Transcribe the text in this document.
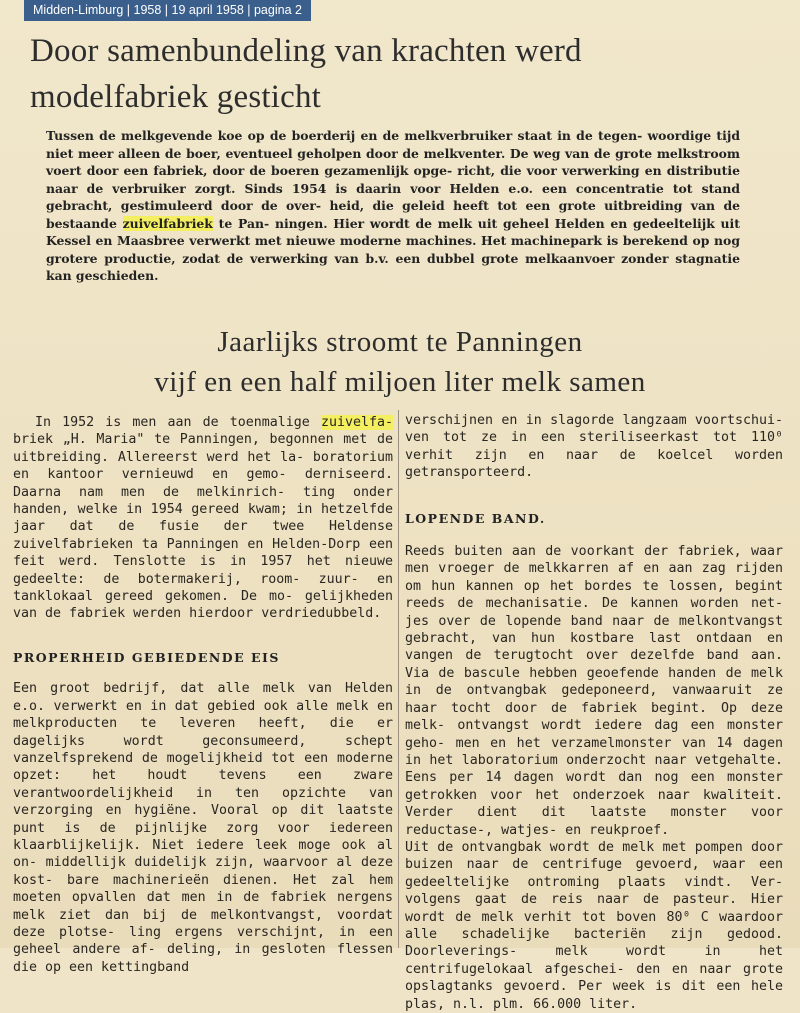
Midden-Limburg | 1958 | 19 april 1958 | pagina 2
Door samenbundeling van krachten werd
modelfabriek gesticht
Tussen de melkgevende koe op de boerderij en de melkverbruiker staat in de tegen- woordige tijd niet meer alleen de boer, eventueel geholpen door de melkventer. De weg van de grote melkstroom voert door een fabriek, door de boeren gezamenlijk opge- richt, die voor verwerking en distributie naar de verbruiker zorgt. Sinds 1954 is daarin voor Helden e.o. een concentratie tot stand gebracht, gestimuleerd door de over- heid, die geleid heeft tot een grote uitbreiding van de bestaande zuivelfabriek te Pan- ningen. Hier wordt de melk uit geheel Helden en gedeeltelijk uit Kessel en Maasbree verwerkt met nieuwe moderne machines. Het machinepark is berekend op nog grotere productie, zodat de verwerking van b.v. een dubbel grote melkaanvoer zonder stagnatie kan geschieden.
Jaarlijks stroomt te Panningen
vijf en een half miljoen liter melk samen
In 1952 is men aan de toenmalige zuivelfa- briek „H. Maria" te Panningen, begonnen met de uitbreiding. Allereerst werd het la- boratorium en kantoor vernieuwd en gemo- derniseerd. Daarna nam men de melkinrich- ting onder handen, welke in 1954 gereed kwam; in hetzelfde jaar dat de fusie der twee Heldense zuivelfabrieken ta Panningen en Helden-Dorp een feit werd. Tenslotte is in 1957 het nieuwe gedeelte: de botermakerij, room- zuur- en tanklokaal gereed gekomen. De mo- gelijkheden van de fabriek werden hierdoor verdriedubbeld.
PROPERHEID GEBIEDENDE EIS
Een groot bedrijf, dat alle melk van Helden e.o. verwerkt en in dat gebied ook alle melk en melkproducten te leveren heeft, die er dagelijks	wordt geconsumeerd, schept vanzelfsprekend de mogelijkheid tot een moderne opzet: het houdt tevens een zware verantwoordelijkheid in ten opzichte van verzorging en hygiëne. Vooral op dit laatste punt is de pijnlijke zorg voor iedereen klaarblijkelijk. Niet iedere leek moge ook al on- middellijk duidelijk zijn, waarvoor al deze kost- bare machinerieën dienen. Het zal hem moeten opvallen dat men in de fabriek nergens melk ziet dan bij de melkontvangst, voordat deze plotse- ling ergens verschijnt, in een geheel andere af- deling, in gesloten flessen die op een kettingband
verschijnen en in slagorde langzaam voortschui- ven tot ze in een steriliseerkast tot 110⁰ verhit zijn en naar de koelcel worden getransporteerd.
LOPENDE BAND.
Reeds buiten aan de voorkant der fabriek, waar men vroeger de melkkarren af en aan zag rijden om hun kannen op het bordes te lossen, begint reeds de mechanisatie. De kannen worden net- jes over de lopende band naar de melkontvangst gebracht, van hun kostbare last ontdaan en vangen de terugtocht over dezelfde band aan. Via de bascule hebben geoefende handen de melk in de ontvangbak gedeponeerd, vanwaaruit ze haar tocht door de fabriek begint. Op deze melk- ontvangst wordt iedere dag een monster geho- men en het verzamelmonster van 14 dagen in het laboratorium onderzocht naar vetgehalte. Eens per 14 dagen wordt dan nog een monster getrokken voor het onderzoek naar kwaliteit. Verder dient dit laatste monster voor reductase-, watjes- en reukproef.
Uit de ontvangbak wordt de melk met pompen door buizen naar de centrifuge gevoerd, waar een gedeeltelijke ontroming plaats vindt. Ver- volgens gaat de reis naar de pasteur. Hier wordt de melk verhit tot boven 80⁰ C waardoor alle schadelijke bacteriën zijn gedood. Doorleverings-	melk wordt in het centrifugelokaal afgeschei- den en naar grote opslagtanks gevoerd. Per week is dit een hele plas, n.l. plm. 66.000 liter.
